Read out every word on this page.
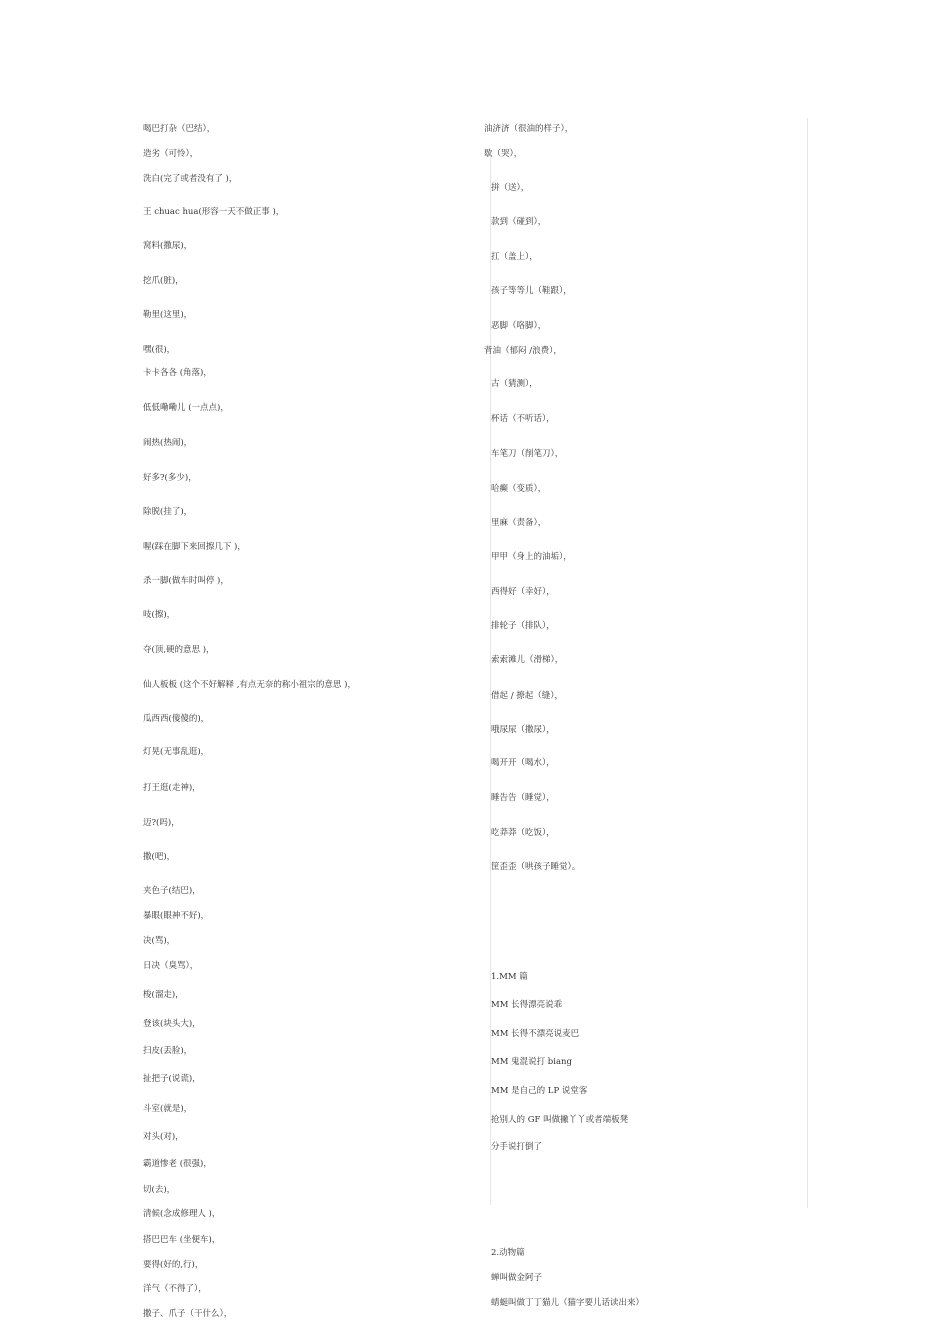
喝巴打杂（巴结），
造劣（可怜），
洗白(完了或者没有了 )，
王 chuac hua(形容一天不做正事 )，
窝料(撒尿)，
挖爪(脏)，
勒里(这里)，
嘿(很)，
卡卡各各 (角落)，
低低嘞嘞儿 (一点点)，
闹热(热闹)，
好多?(多少)，
除脱(挂了)，
喔(踩在脚下来回擦几下 )，
杀一脚(做车时叫停 )，
吱(擦)，
夺(顶,硬的意思 )，
仙人板板 (这个不好解释 ,有点无奈的称小祖宗的意思 )，
瓜西西(傻傻的)，
灯晃(无事乱逛)，
打王逛(走神)，
迈?(吗)，
撒(吧)，
夹色子(结巴)，
暴眼(眼神不好)，
决(骂)，
日决（臭骂），
梭(溜走)，
登该(块头大)，
扫皮(丢脸)，
扯把子(说谎)，
斗室(就是)，
对头(对)，
霸道惨老 (很强)，
切(去)，
清候(念成修理人 )，
搭巴巴车 (坐便车)，
要得(好的,行)，
洋气（不得了），
撒子、爪子（干什么），
油济济（很油的样子），
歇（哭），
拼（送），
款到（碰到），
扛（盖上），
孩子等等儿（鞋跟），
恶脚（咯脚），
背油（郁闷 /浪费），
古（猜测），
杯话（不听话），
车笔刀（削笔刀），
哈癫（变质），
里麻（责备），
甲甲（身上的油垢），
西得好（幸好），
排轮子（排队），
索索滩儿（滑梯），
借起 / 撩起（缝），
哦尿尿（撒尿），
喝开开（喝水），
睡告告（睡觉），
吃莽莽（吃饭），
筐歪歪（哄孩子睡觉）。
1.MM 篇
MM 长得漂亮说乖
MM 长得不漂亮说麦巴
MM 鬼混说打 biang
MM 是自己的 LP 说堂客
抢别人的 GF 叫做撇丫丫或者端板凳
分手说打倒了
2.动物篇
蝉叫做金阿子
蜻蜓叫做丁丁猫儿（猫字要儿话读出来）
